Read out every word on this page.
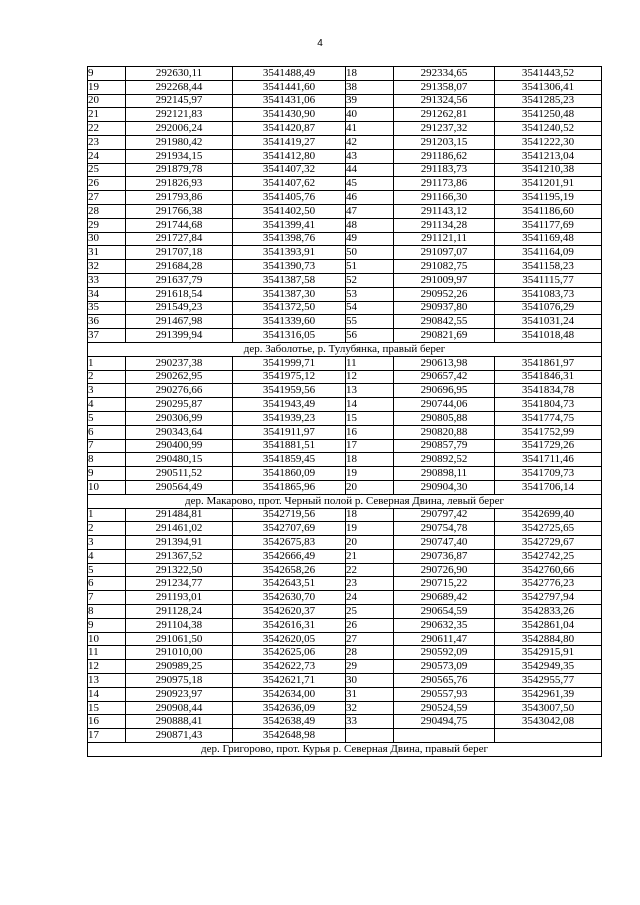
4
9	292630,11	3541488,49	18	292334,65	3541443,52
19	292268,44	3541441,60	38	291358,07	3541306,41
20	292145,97	3541431,06	39	291324,56	3541285,23
21	292121,83	3541430,90	40	291262,81	3541250,48
22	292006,24	3541420,87	41	291237,32	3541240,52
23	291980,42	3541419,27	42	291203,15	3541222,30
24	291934,15	3541412,80	43	291186,62	3541213,04
25	291879,78	3541407,32	44	291183,73	3541210,38
26	291826,93	3541407,62	45	291173,86	3541201,91
27	291793,86	3541405,76	46	291166,30	3541195,19
28	291766,38	3541402,50	47	291143,12	3541186,60
29	291744,68	3541399,41	48	291134,28	3541177,69
30	291727,84	3541398,76	49	291121,11	3541169,48
31	291707,18	3541393,91	50	291097,07	3541164,09
32	291684,28	3541390,73	51	291082,75	3541158,23
33	291637,79	3541387,58	52	291009,97	3541115,77
34	291618,54	3541387,30	53	290952,26	3541083,73
35	291549,23	3541372,50	54	290937,80	3541076,29
36	291467,98	3541339,60	55	290842,55	3541031,24
37	291399,94	3541316,05	56	290821,69	3541018,48
дер. Заболотье, р. Тулубянка, правый берег					
1	290237,38	3541999,71	11	290613,98	3541861,97
2	290262,95	3541975,12	12	290657,42	3541846,31
3	290276,66	3541959,56	13	290696,95	3541834,78
4	290295,87	3541943,49	14	290744,06	3541804,73
5	290306,99	3541939,23	15	290805,88	3541774,75
6	290343,64	3541911,97	16	290820,88	3541752,99
7	290400,99	3541881,51	17	290857,79	3541729,26
8	290480,15	3541859,45	18	290892,52	3541711,46
9	290511,52	3541860,09	19	290898,11	3541709,73
10	290564,49	3541865,96	20	290904,30	3541706,14
дер. Макарово, прот. Черный полой р. Северная Двина, левый берег					
1	291484,81	3542719,56	18	290797,42	3542699,40
2	291461,02	3542707,69	19	290754,78	3542725,65
3	291394,91	3542675,83	20	290747,40	3542729,67
4	291367,52	3542666,49	21	290736,87	3542742,25
5	291322,50	3542658,26	22	290726,90	3542760,66
6	291234,77	3542643,51	23	290715,22	3542776,23
7	291193,01	3542630,70	24	290689,42	3542797,94
8	291128,24	3542620,37	25	290654,59	3542833,26
9	291104,38	3542616,31	26	290632,35	3542861,04
10	291061,50	3542620,05	27	290611,47	3542884,80
11	291010,00	3542625,06	28	290592,09	3542915,91
12	290989,25	3542622,73	29	290573,09	3542949,35
13	290975,18	3542621,71	30	290565,76	3542955,77
14	290923,97	3542634,00	31	290557,93	3542961,39
15	290908,44	3542636,09	32	290524,59	3543007,50
16	290888,41	3542638,49	33	290494,75	3543042,08
17	290871,43	3542648,98			
дер. Григорово, прот. Курья р. Северная Двина, правый берег					
